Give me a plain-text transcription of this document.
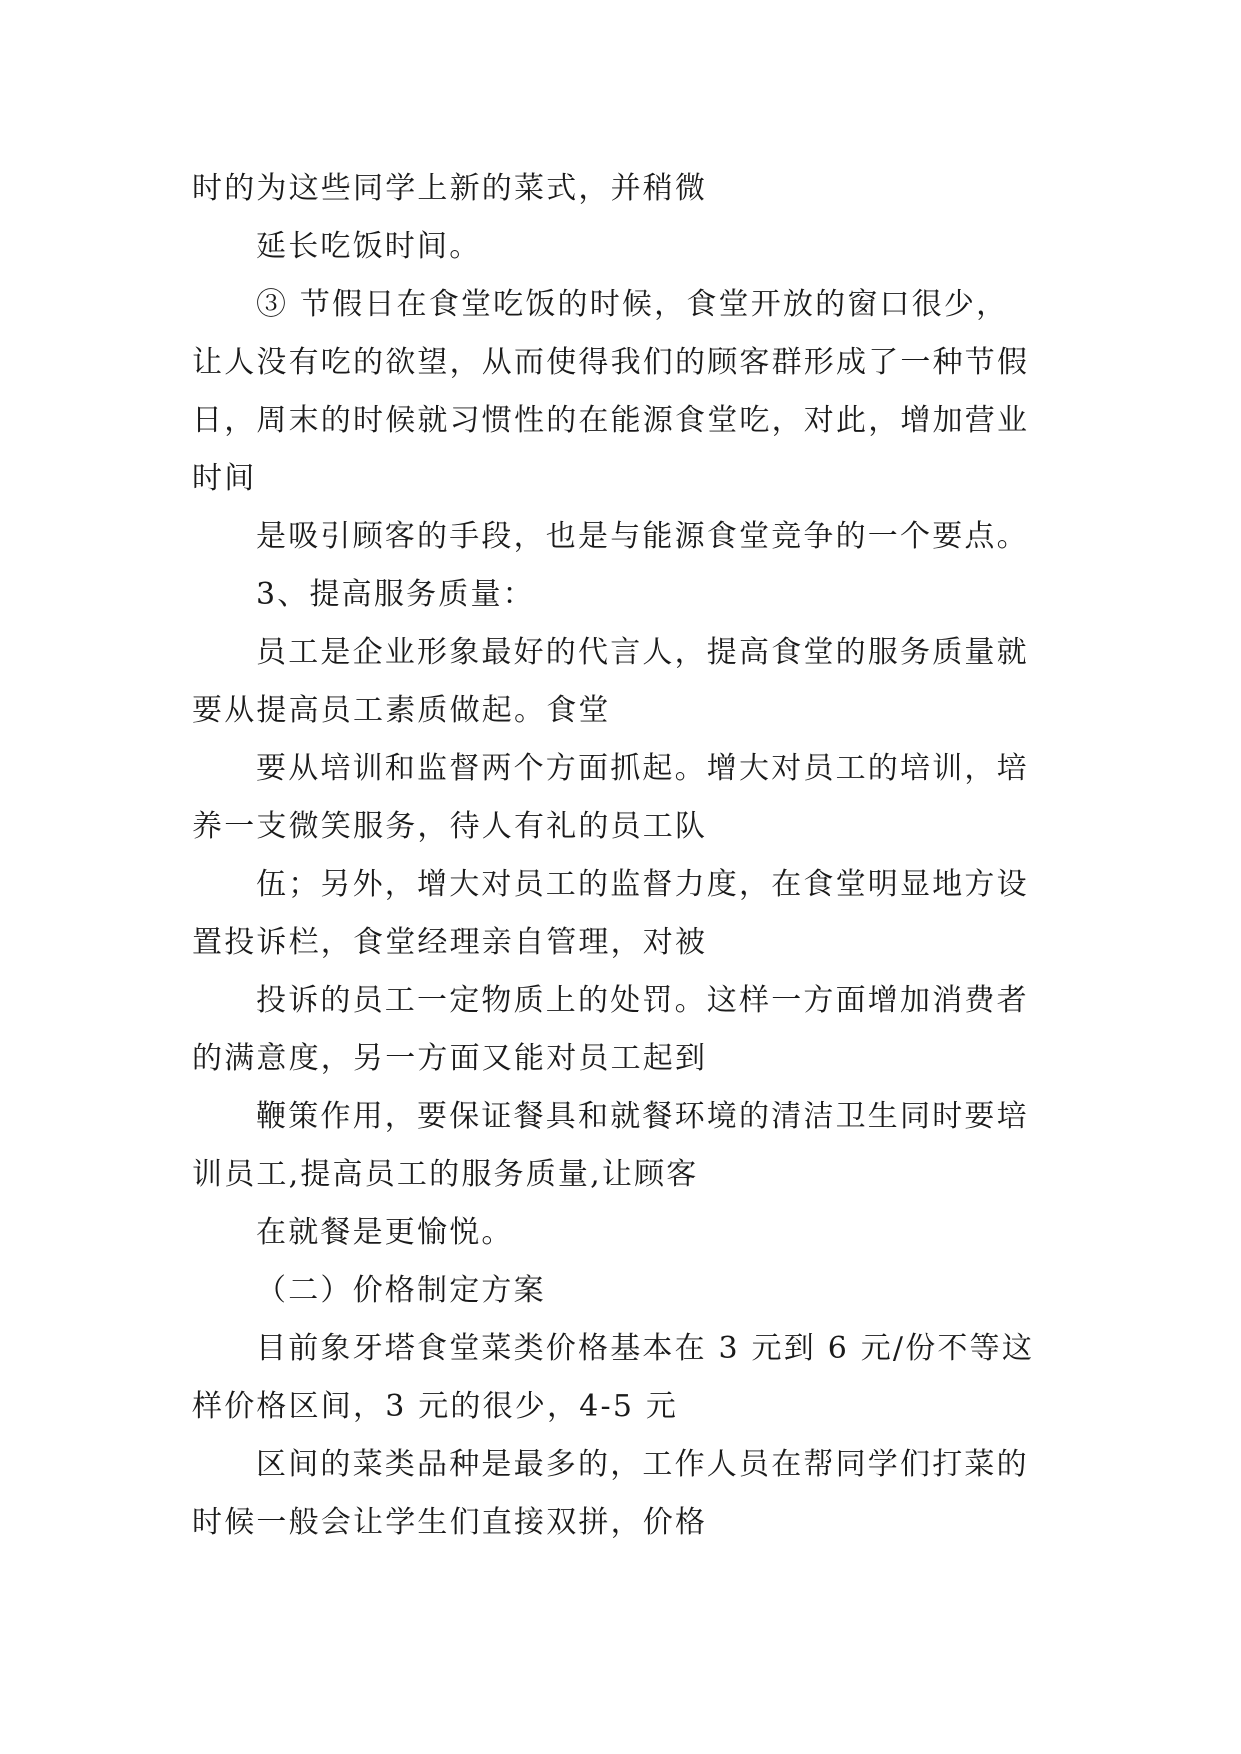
时的为这些同学上新的菜式，并稍微
延长吃饭时间。
③ 节假日在食堂吃饭的时候，食堂开放的窗口很少，
让人没有吃的欲望，从而使得我们的顾客群形成了一种节假
日，周末的时候就习惯性的在能源食堂吃，对此，增加营业
时间
是吸引顾客的手段，也是与能源食堂竞争的一个要点。
3、提高服务质量：
员工是企业形象最好的代言人，提高食堂的服务质量就
要从提高员工素质做起。食堂
要从培训和监督两个方面抓起。增大对员工的培训，培
养一支微笑服务，待人有礼的员工队
伍；另外，增大对员工的监督力度，在食堂明显地方设
置投诉栏，食堂经理亲自管理，对被
投诉的员工一定物质上的处罚。这样一方面增加消费者
的满意度，另一方面又能对员工起到
鞭策作用，要保证餐具和就餐环境的清洁卫生同时要培
训员工,提高员工的服务质量,让顾客
在就餐是更愉悦。
（二）价格制定方案
目前象牙塔食堂菜类价格基本在 3 元到 6 元/份不等这
样价格区间，3 元的很少，4-5 元
区间的菜类品种是最多的，工作人员在帮同学们打菜的
时候一般会让学生们直接双拼，价格
